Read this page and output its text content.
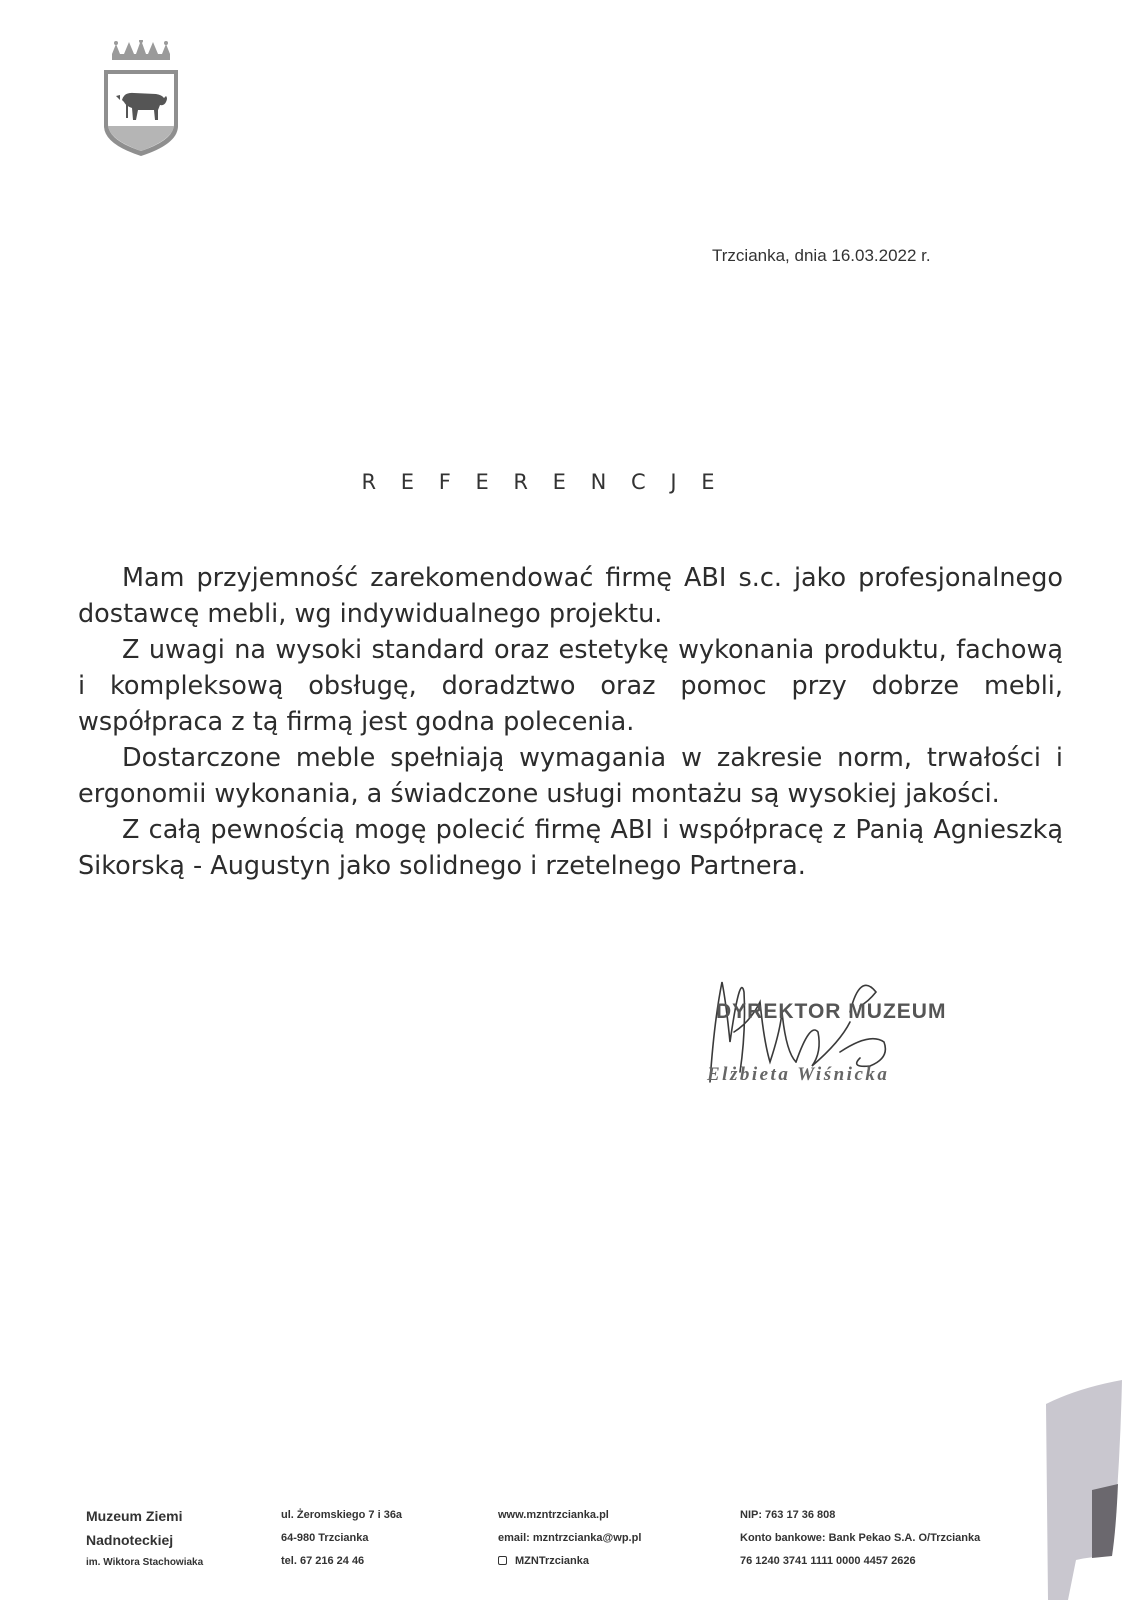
Trzcianka, dnia 16.03.2022 r.
R E F E R E N C J E

Mam przyjemność zarekomendować firmę ABI s.c. jako profesjonalnego dostawcę mebli, wg indywidualnego projektu.

Z uwagi na wysoki standard oraz estetykę wykonania produktu, fachową i kompleksową obsługę, doradztwo oraz pomoc przy dobrze mebli, współpraca z tą firmą jest godna polecenia.

Dostarczone meble spełniają wymagania w zakresie norm, trwałości i ergonomii wykonania, a świadczone usługi montażu są wysokiej jakości.

Z całą pewnością mogę polecić firmę ABI i współpracę z Panią Agnieszką Sikorską - Augustyn jako solidnego i rzetelnego Partnera.

DYREKTOR MUZEUM
Elżbieta Wiśnicka
Muzeum Ziemi
Nadnoteckiej
im. Wiktora Stachowiaka
ul. Żeromskiego 7 i 36a
64-980 Trzcianka
tel. 67 216 24 46
www.mzntrzcianka.pl
email: mzntrzcianka@wp.pl
MZNTrzcianka
NIP: 763 17 36 808
Konto bankowe: Bank Pekao S.A. O/Trzcianka
76 1240 3741 1111 0000 4457 2626
